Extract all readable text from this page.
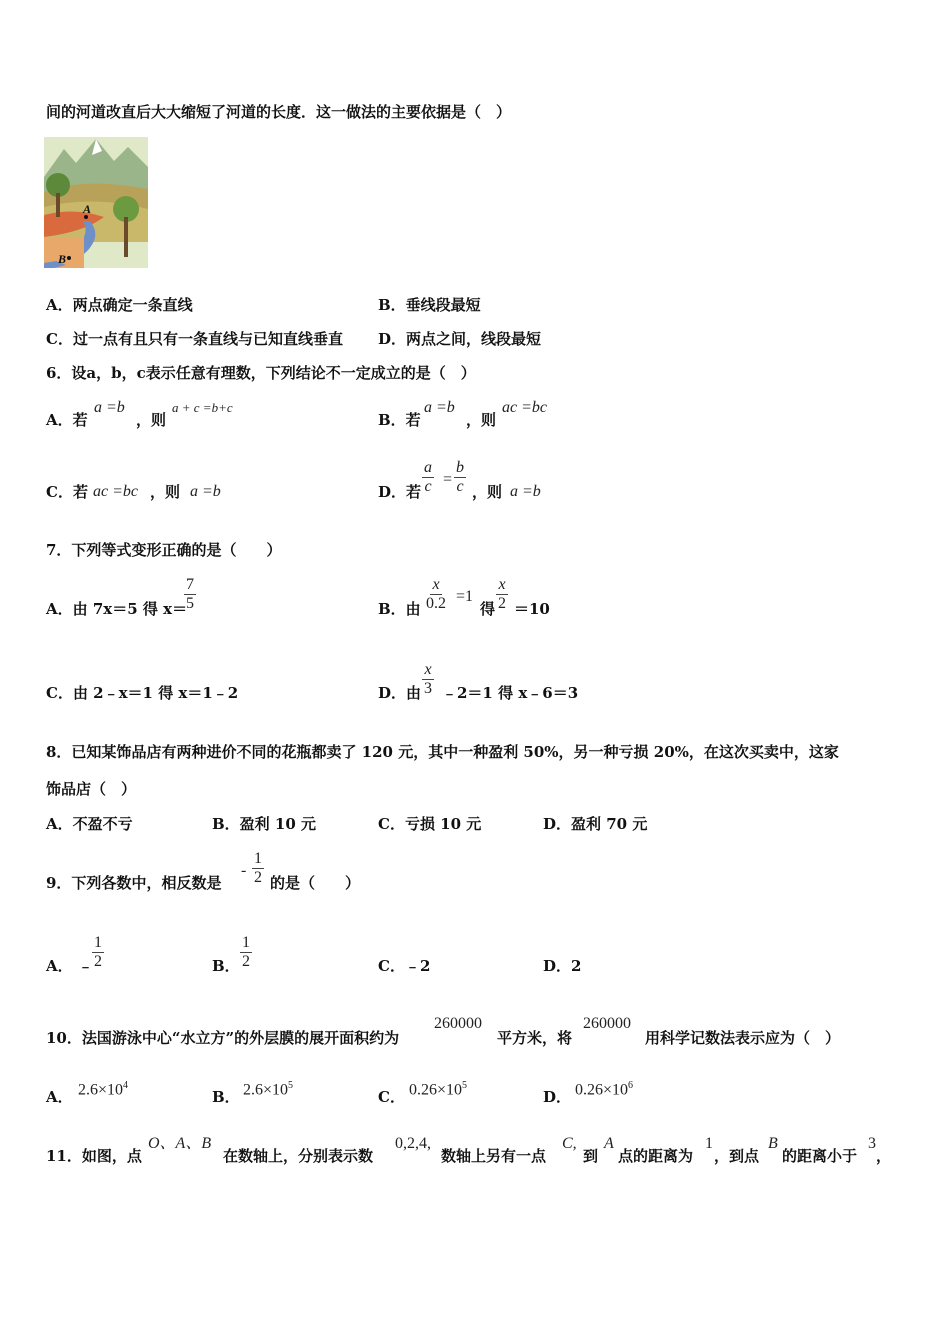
间的河道改直后大大缩短了河道的长度．这一做法的主要依据是（　）
A
B
A．两点确定一条直线	B．垂线段最短
C．过一点有且只有一条直线与已知直线垂直 D．两点之间，线段最短
6．设a，b，c表示任意有理数，下列结论不一定成立的是（　）
A．若
a =b
，则
a + c =b+c
B．若
a =b
，则
ac =bc
C．若 ac =bc ，则 a =b	D．若 $\frac{a}{c} = \frac{b}{c}$ ，则 a =b
7．下列等式变形正确的是（　　）
A．由 7x＝5 得 x＝
$\frac{7}{5}$	B．由 $\frac{x}{0.2} =1$
得 $\frac{x}{2} =10$
C．由 2﹣x＝1 得 x＝1﹣2	D．由 $\frac{x}{3}$ ﹣2＝1 得 x﹣6＝3
8．已知某饰品店有两种进价不同的花瓶都卖了 120 元，其中一种盈利 50%，另一种亏损 20%，在这次买卖中，这家
饰品店（　）
A．不盈不亏	B．盈利 10 元	C．亏损 10 元	D．盈利 70 元
9．下列各数中，相反数是
- $\frac{1}{2}$ 的是（　　）
A． ﹣
$\frac{1}{2}$	B． $\frac{1}{2}$	C．﹣2	D．2
10．法国游泳中心“水立方”的外层膜的展开面积约为
260000
平方米，将
260000
用科学记数法表示应为（　）
A． $2.6\times 10^4$
B． $2.6\times 10^5$
C． $0.26\times 10^5$
D． $0.26\times 10^6$
11．如图，点
O、A、B
在数轴上，分别表示数
0,2,4,
数轴上另有一点
C,
到
A
点的距离为
1
，到点
B
的距离小于
3
，
